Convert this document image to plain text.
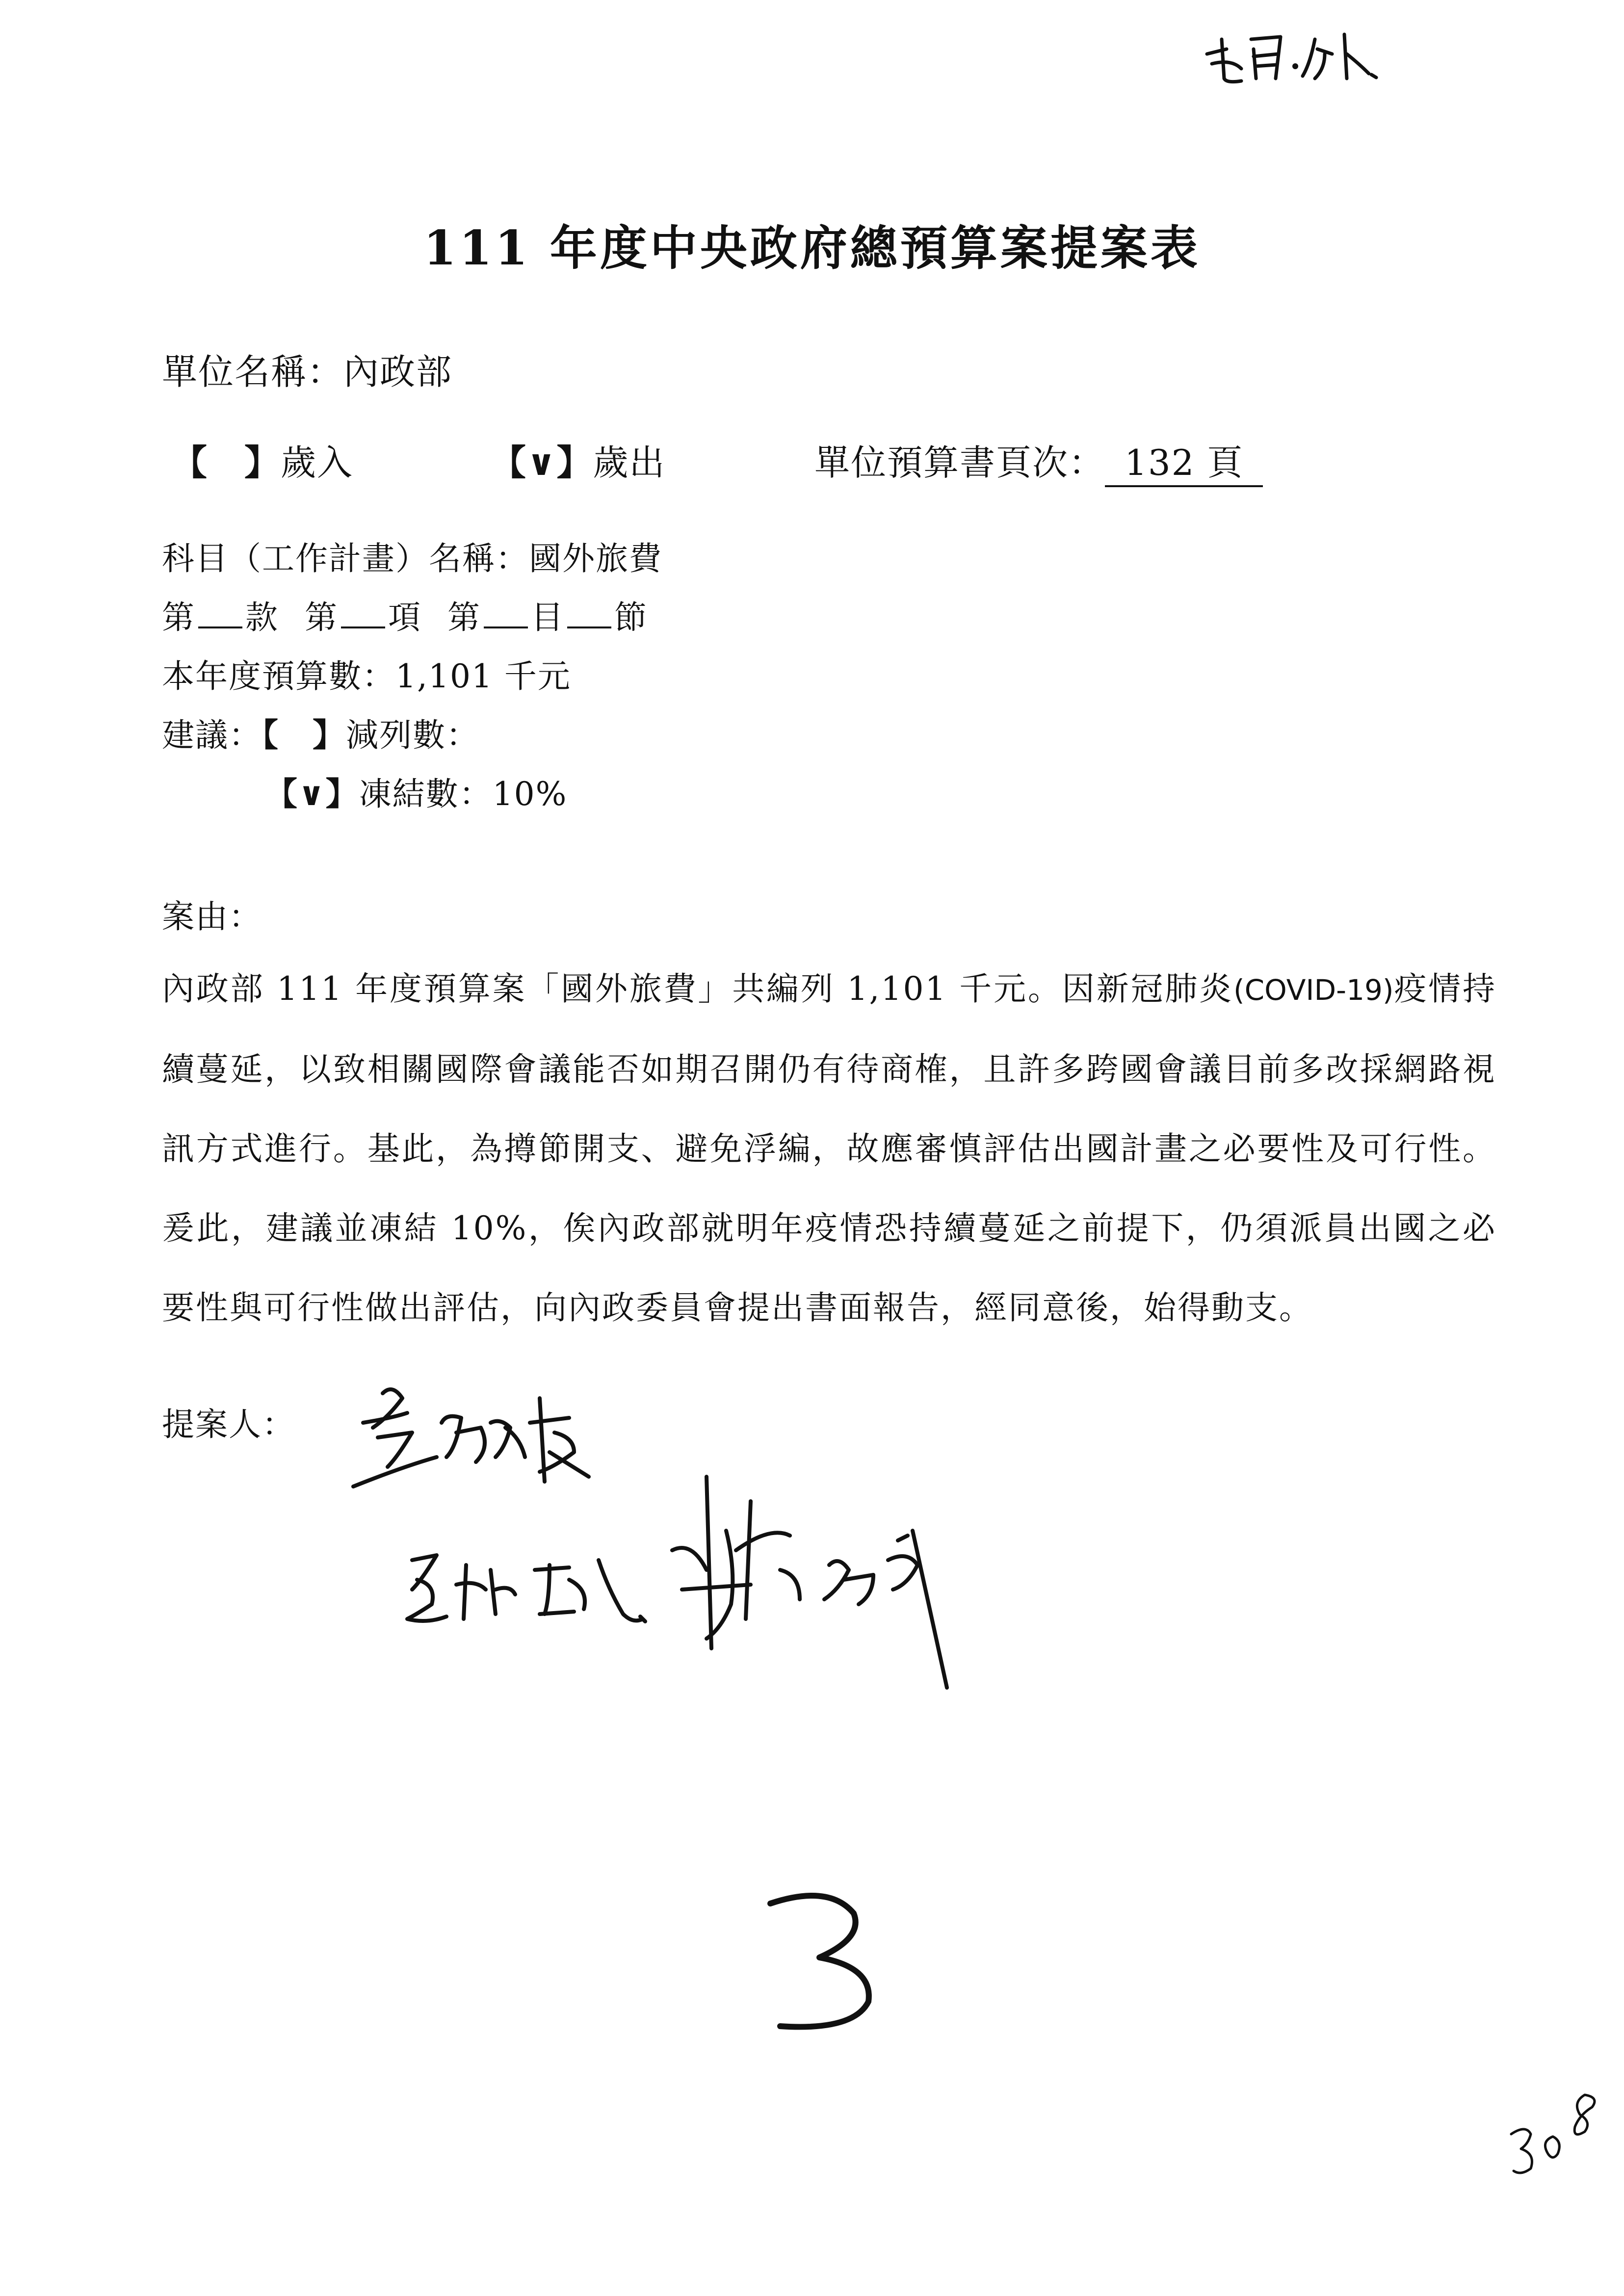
111 年度中央政府總預算案提案表
單位名稱：內政部
【　】歲入	【∨】歲出	單位預算書頁次： 132 頁
科目（工作計畫）名稱：國外旅費
第 款 第 項 第 目 節
本年度預算數：1,101 千元
建議：【　】減列數：
【∨】凍結數：10%
案由：
內政部 111 年度預算案「國外旅費」共編列 1,101 千元。因新冠肺炎(COVID-19)疫情持續蔓延，以致相關國際會議能否如期召開仍有待商榷，且許多跨國會議目前多改採網路視訊方式進行。基此，為撙節開支、避免浮編，故應審慎評估出國計畫之必要性及可行性。爰此，建議並凍結 10%，俟內政部就明年疫情恐持續蔓延之前提下，仍須派員出國之必要性與可行性做出評估，向內政委員會提出書面報告，經同意後，始得動支。
提案人：
